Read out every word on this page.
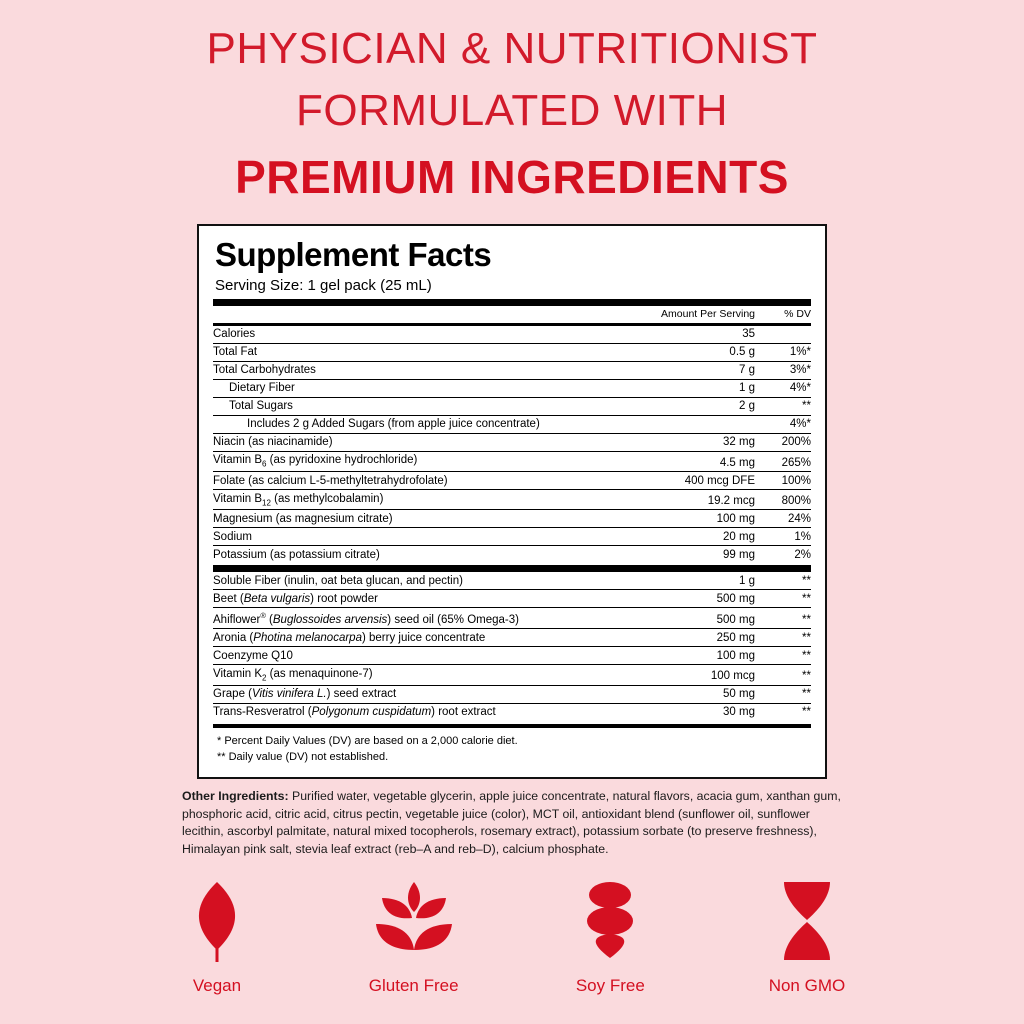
PHYSICIAN & NUTRITIONIST
FORMULATED WITH
PREMIUM INGREDIENTS
Supplement Facts
Serving Size: 1 gel pack (25 mL)
	Amount Per Serving	% DV

Calories	35	
Total Fat	0.5 g	1%*
Total Carbohydrates	7 g	3%*
Dietary Fiber	1 g	4%*
Total Sugars	2 g	**
Includes 2 g Added Sugars (from apple juice concentrate)		4%*
Niacin (as niacinamide)	32 mg	200%
Vitamin $B_6$ (as pyridoxine hydrochloride)	4.5 mg	265%
Folate (as calcium L-5-methyltetrahydrofolate)	400 mcg DFE	100%
Vitamin $B_{12}$ (as methylcobalamin)	19.2 mcg	800%
Magnesium (as magnesium citrate)	100 mg	24%
Sodium	20 mg	1%
Potassium (as potassium citrate)	99 mg	2%
Soluble Fiber (inulin, oat beta glucan, and pectin)	1 g	**
Beet (Beta vulgaris) root powder	500 mg	**
Ahiflower® (Buglossoides arvensis) seed oil (65% Omega-3)	500 mg	**
Aronia (Photina melanocarpa) berry juice concentrate	250 mg	**
Coenzyme Q10	100 mg	**
Vitamin $K_2$ (as menaquinone-7)	100 mcg	**
Grape (Vitis vinifera L.) seed extract	50 mg	**
Trans-Resveratrol (Polygonum cuspidatum) root extract	30 mg	**
* Percent Daily Values (DV) are based on a 2,000 calorie diet.
** Daily value (DV) not established.
Other Ingredients: Purified water, vegetable glycerin, apple juice concentrate, natural flavors, acacia gum, xanthan gum, phosphoric acid, citric acid, citrus pectin, vegetable juice (color), MCT oil, antioxidant blend (sunflower oil, sunflower lecithin, ascorbyl palmitate, natural mixed tocopherols, rosemary extract), potassium sorbate (to preserve freshness), Himalayan pink salt, stevia leaf extract (reb–A and reb–D), calcium phosphate.
Vegan	Gluten Free	Soy Free	Non GMO
